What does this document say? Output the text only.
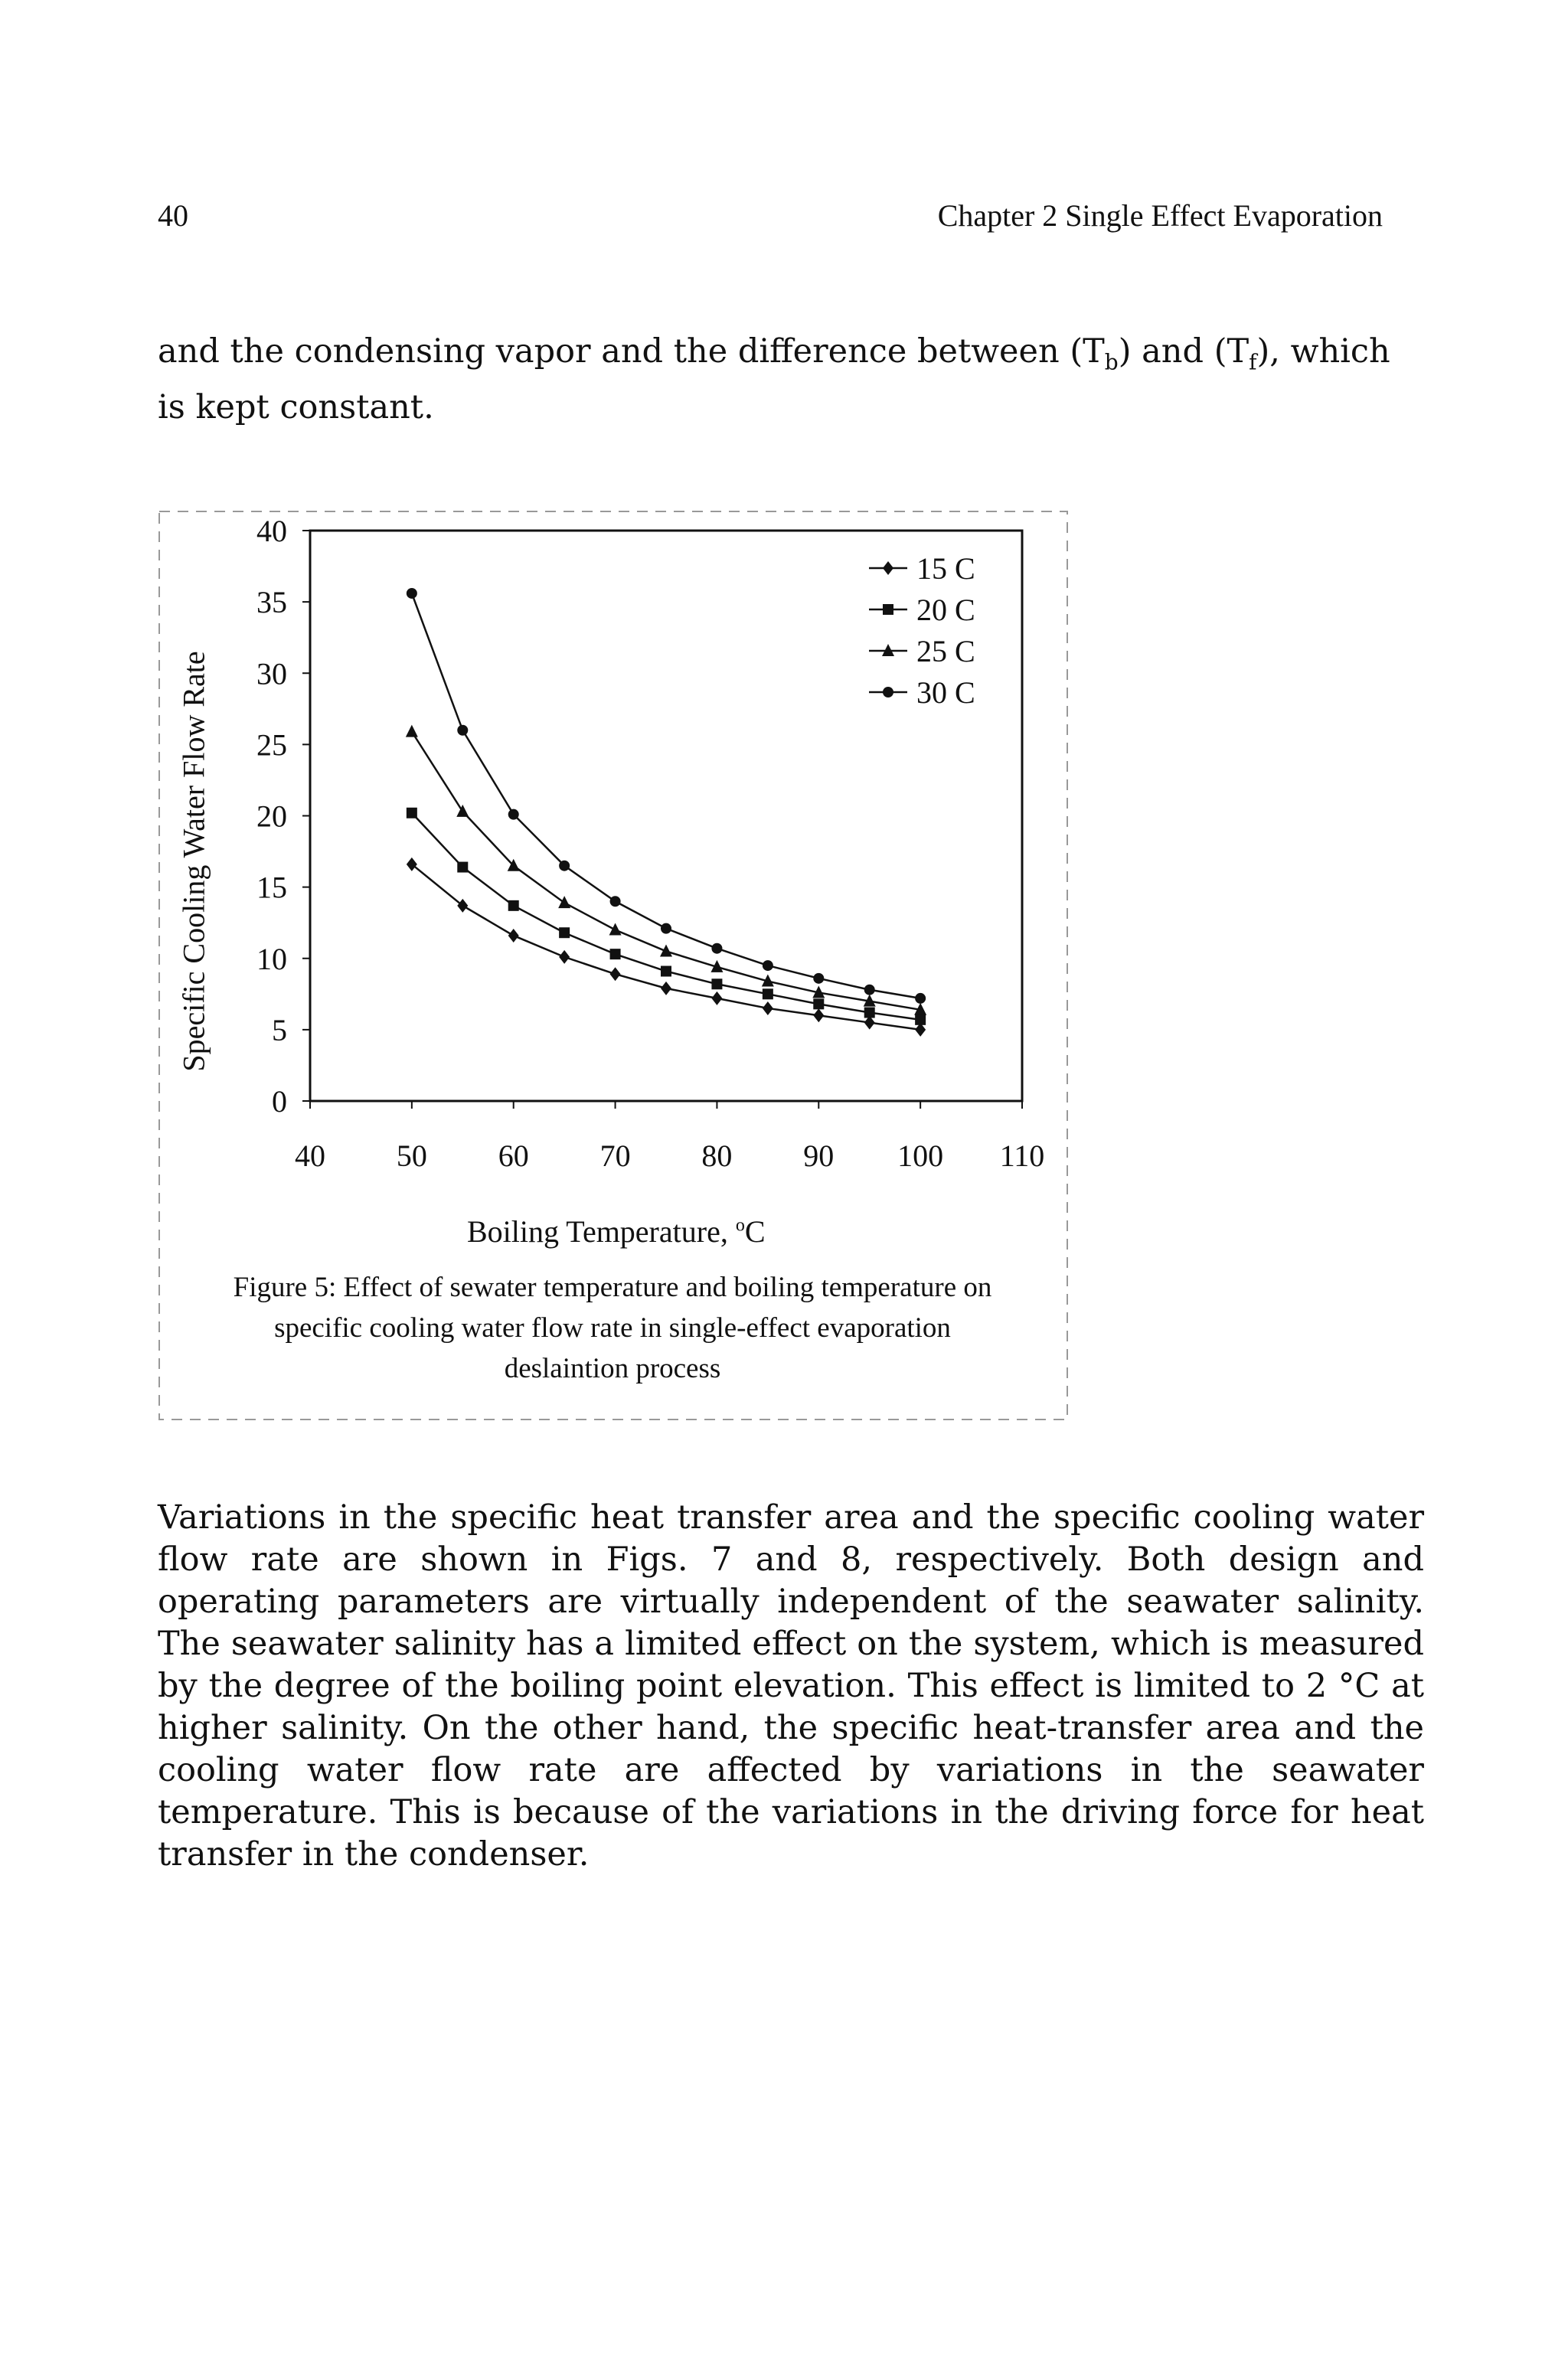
40	Chapter 2 Single Effect Evaporation
and the condensing vapor and the difference between $(T_b)$ and $(T_f)$, which is kept constant.
0
5
10
15
20
25
30
35
40
40 50 60 70 80 90 100 110
15 C
20 C
25 C
30 C
Specific Cooling Water Flow Rate
Boiling Temperature, $^o$C
Figure 5: Effect of sewater temperature and boiling temperature on specific cooling water flow rate in single-effect evaporation deslaintion process
Variations in the specific heat transfer area and the specific cooling water flow rate are shown in Figs. 7 and 8, respectively. Both design and operating parameters are virtually independent of the seawater salinity. The seawater salinity has a limited effect on the system, which is measured by the degree of the boiling point elevation. This effect is limited to 2 °C at higher salinity. On the other hand, the specific heat-transfer area and the cooling water flow rate are affected by variations in the seawater temperature. This is because of the variations in the driving force for heat transfer in the condenser.
